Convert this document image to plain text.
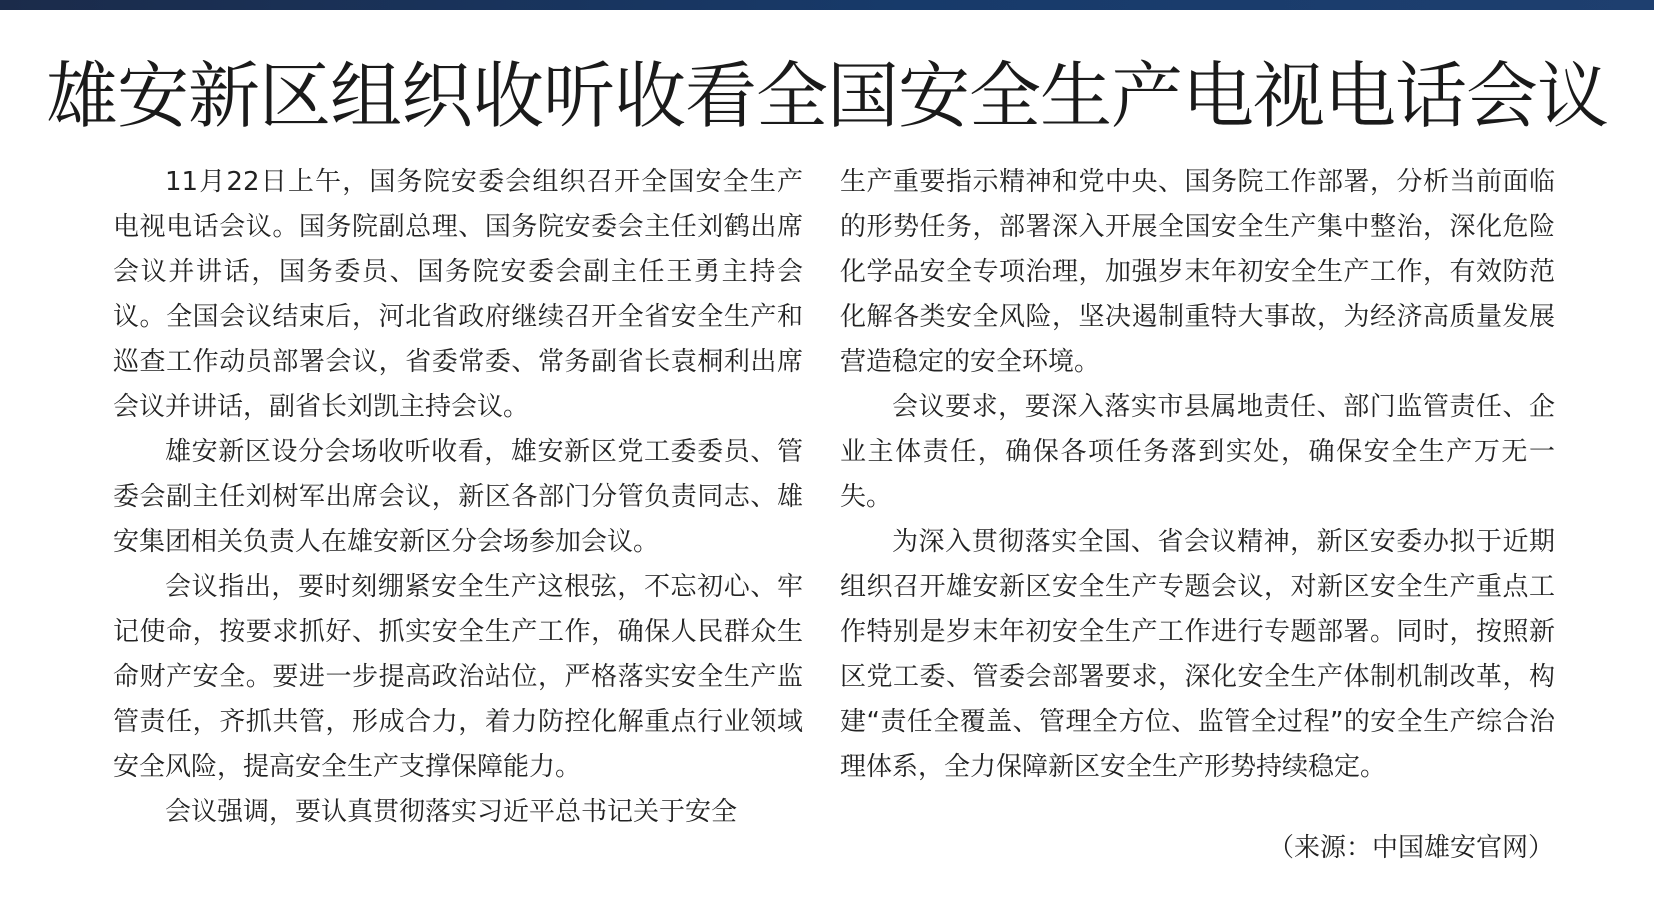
雄安新区组织收听收看全国安全生产电视电话会议

11月22日上午，国务院安委会组织召开全国安全生产电视电话会议。国务院副总理、国务院安委会主任刘鹤出席会议并讲话，国务委员、国务院安委会副主任王勇主持会议。全国会议结束后，河北省政府继续召开全省安全生产和巡查工作动员部署会议，省委常委、常务副省长袁桐利出席会议并讲话，副省长刘凯主持会议。

雄安新区设分会场收听收看，雄安新区党工委委员、管委会副主任刘树军出席会议，新区各部门分管负责同志、雄安集团相关负责人在雄安新区分会场参加会议。

会议指出，要时刻绷紧安全生产这根弦，不忘初心、牢记使命，按要求抓好、抓实安全生产工作，确保人民群众生命财产安全。要进一步提高政治站位，严格落实安全生产监管责任，齐抓共管，形成合力，着力防控化解重点行业领域安全风险，提高安全生产支撑保障能力。

会议强调，要认真贯彻落实习近平总书记关于安全

生产重要指示精神和党中央、国务院工作部署，分析当前面临的形势任务，部署深入开展全国安全生产集中整治，深化危险化学品安全专项治理，加强岁末年初安全生产工作，有效防范化解各类安全风险，坚决遏制重特大事故，为经济高质量发展营造稳定的安全环境。

会议要求，要深入落实市县属地责任、部门监管责任、企业主体责任，确保各项任务落到实处，确保安全生产万无一失。

为深入贯彻落实全国、省会议精神，新区安委办拟于近期组织召开雄安新区安全生产专题会议，对新区安全生产重点工作特别是岁末年初安全生产工作进行专题部署。同时，按照新区党工委、管委会部署要求，深化安全生产体制机制改革，构建“责任全覆盖、管理全方位、监管全过程”的安全生产综合治理体系，全力保障新区安全生产形势持续稳定。

（来源：中国雄安官网）
